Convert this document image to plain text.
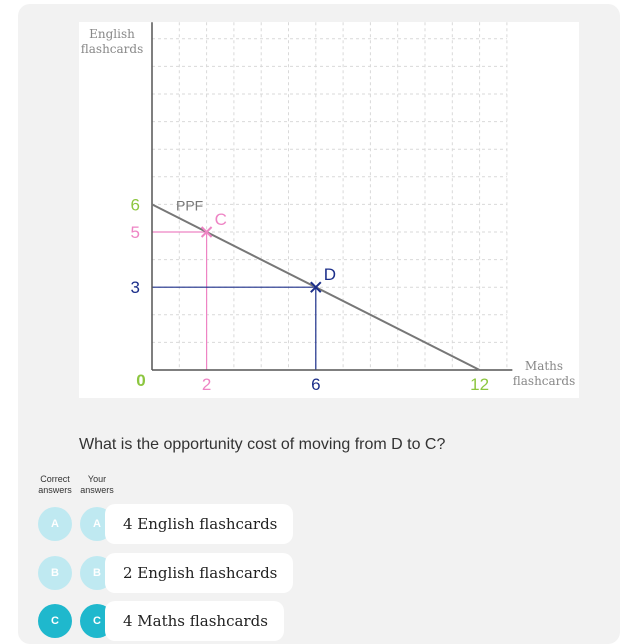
PPF
C
D
0	2	6	12
6
5
3
English
flashcards
Maths
flashcards
What is the opportunity cost of moving from D to C?
Correct
answers
Your
answers
A	A	4 English flashcards
B	B	2 English flashcards
C	C	4 Maths flashcards
